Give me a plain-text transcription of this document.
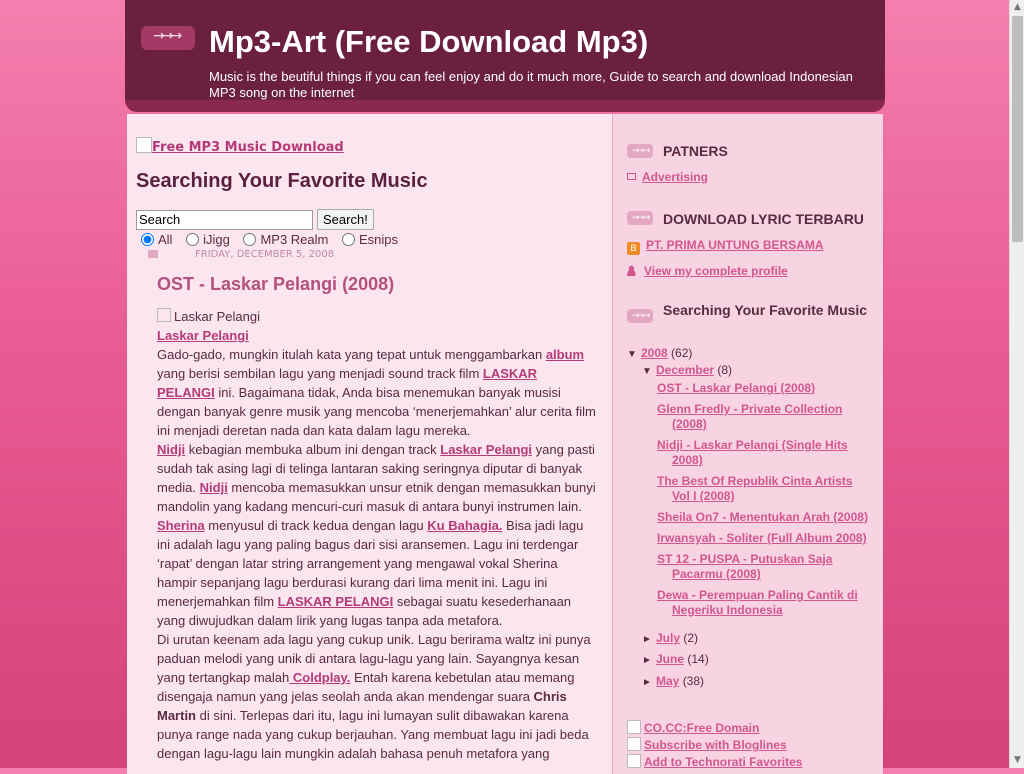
▲
▼
→→→ Mp3-Art (Free Download Mp3)
Music is the beutiful things if you can feel enjoy and do it much more, Guide to search and download Indonesian MP3 song on the internet
Free MP3 Music Download
Searching Your Favorite Music
SearchSearch!
All iJigg MP3 Realm Esnips
FRIDAY, DECEMBER 5, 2008
OST - Laskar Pelangi (2008)
Laskar Pelangi
Laskar Pelangi

Gado-gado, mungkin itulah kata yang tepat untuk menggambarkan album yang berisi sembilan lagu yang menjadi sound track film LASKAR PELANGI ini. Bagaimana tidak, Anda bisa menemukan banyak musisi dengan banyak genre musik yang mencoba ‘menerjemahkan’ alur cerita film ini menjadi deretan nada dan kata dalam lagu mereka.

Nidji kebagian membuka album ini dengan track Laskar Pelangi yang pasti sudah tak asing lagi di telinga lantaran saking seringnya diputar di banyak media. Nidji mencoba memasukkan unsur etnik dengan memasukkan bunyi mandolin yang kadang mencuri-curi masuk di antara bunyi instrumen lain.

Sherina menyusul di track kedua dengan lagu Ku Bahagia. Bisa jadi lagu ini adalah lagu yang paling bagus dari sisi aransemen. Lagu ini terdengar ‘rapat’ dengan latar string arrangement yang mengawal vokal Sherina hampir sepanjang lagu berdurasi kurang dari lima menit ini. Lagu ini menerjemahkan film LASKAR PELANGI sebagai suatu kesederhanaan yang diwujudkan dalam lirik yang lugas tanpa ada metafora.

Di urutan keenam ada lagu yang cukup unik. Lagu berirama waltz ini punya paduan melodi yang unik di antara lagu-lagu yang lain. Sayangnya kesan yang tertangkap malah Coldplay. Entah karena kebetulan atau memang disengaja namun yang jelas seolah anda akan mendengar suara Chris Martin di sini. Terlepas dari itu, lagu ini lumayan sulit dibawakan karena punya range nada yang cukup berjauhan. Yang membuat lagu ini jadi beda dengan lagu-lagu lain mungkin adalah bahasa penuh metafora yang

→→→	PATNERS
Advertising
→→→	DOWNLOAD LYRIC TERBARU
B PT. PRIMA UNTUNG BERSAMA
View my complete profile
→→→	Searching Your Favorite Music
▼ 2008 (62)
▼ December (8)
OST - Laskar Pelangi (2008)
Glenn Fredly - Private Collection (2008)
Nidji - Laskar Pelangi (Single Hits 2008)
The Best Of Republik Cinta Artists Vol I (2008)
Sheila On7 - Menentukan Arah (2008)
Irwansyah - Soliter (Full Album 2008)
ST 12 - PUSPA - Putuskan Saja Pacarmu (2008)
Dewa - Perempuan Paling Cantik di Negeriku Indonesia
► July (2)
► June (14)
► May (38)
CO.CC:Free Domain
Subscribe with Bloglines
Add to Technorati Favorites
